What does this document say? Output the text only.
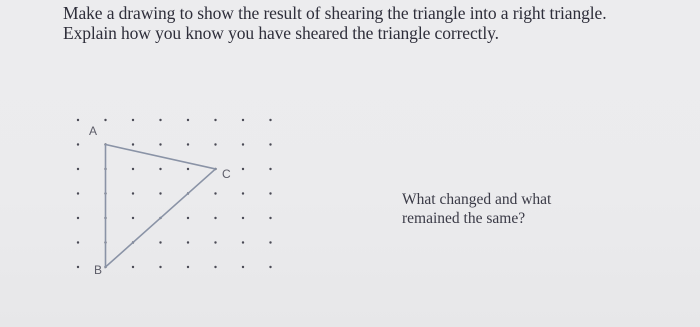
Make a drawing to show the result of shearing the triangle into a right triangle.
Explain how you know you have sheared the triangle correctly.
A
B
C
What changed and what
remained the same?
